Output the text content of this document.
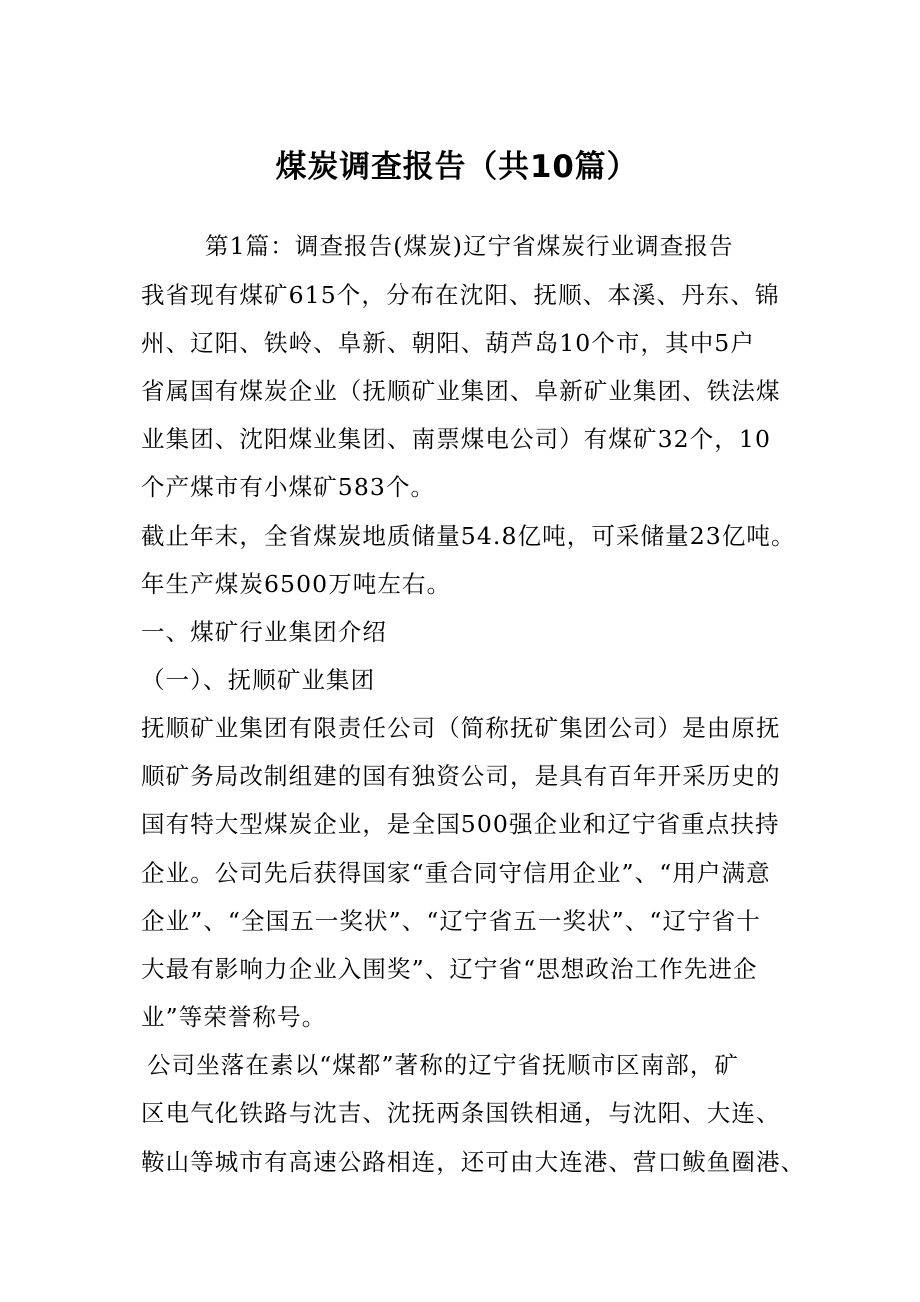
煤炭调查报告（共10篇）
第1篇：调查报告(煤炭)辽宁省煤炭行业调查报告
我省现有煤矿615个，分布在沈阳、抚顺、本溪、丹东、锦
州、辽阳、铁岭、阜新、朝阳、葫芦岛10个市，其中5户
省属国有煤炭企业（抚顺矿业集团、阜新矿业集团、铁法煤
业集团、沈阳煤业集团、南票煤电公司）有煤矿32个，10
个产煤市有小煤矿583个。
截止年末，全省煤炭地质储量54.8亿吨，可采储量23亿吨。
年生产煤炭6500万吨左右。
一、煤矿行业集团介绍
（一）、抚顺矿业集团
抚顺矿业集团有限责任公司（简称抚矿集团公司）是由原抚
顺矿务局改制组建的国有独资公司，是具有百年开采历史的
国有特大型煤炭企业，是全国500强企业和辽宁省重点扶持
企业。公司先后获得国家“重合同守信用企业”、“用户满意
企业”、“全国五一奖状”、“辽宁省五一奖状”、“辽宁省十
大最有影响力企业入围奖”、辽宁省“思想政治工作先进企
业”等荣誉称号。
公司坐落在素以“煤都”著称的辽宁省抚顺市区南部，矿
区电气化铁路与沈吉、沈抚两条国铁相通，与沈阳、大连、
鞍山等城市有高速公路相连，还可由大连港、营口鲅鱼圈港、
